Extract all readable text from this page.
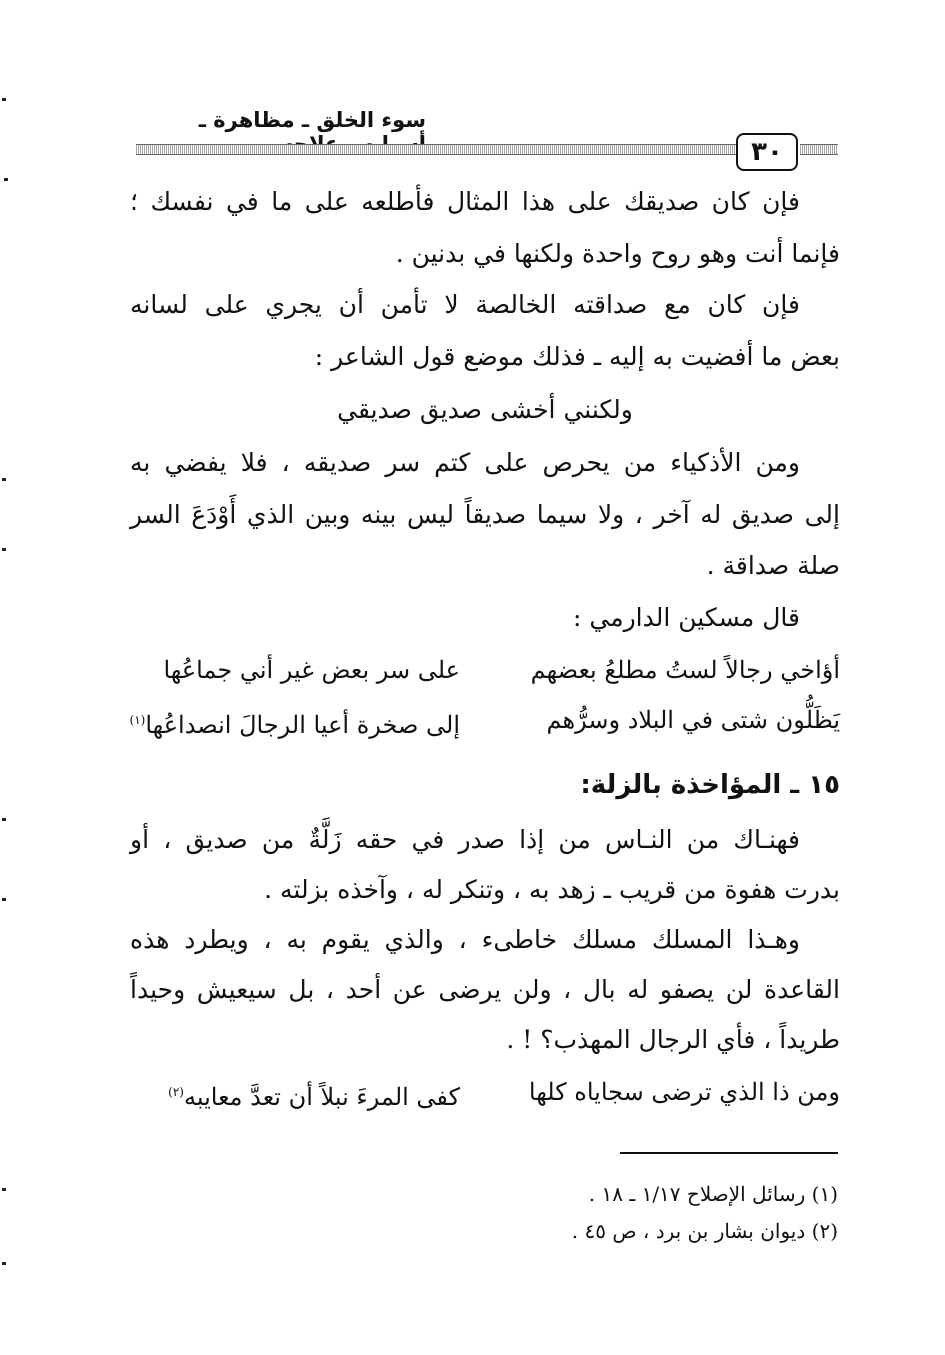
سوء الخلق ـ مظاهرة ـ
٣٠
فإن كان صديقك على هذا المثال فأطلعه على ما في نفسك ؛
فإنما أنت وهو روح واحدة ولكنها في بدنين .
فإن كان مع صداقته الخالصة لا تأمن أن يجري على لسانه
بعض ما أفضيت به إليه ـ فذلك موضع قول الشاعر :
ولكنني أخشى صديق صديقي
ومن الأذكياء من يحرص على كتم سر صديقه ، فلا يفضي به
إلى صديق له آخر ، ولا سيما صديقاً ليس بينه وبين الذي أَوْدَعَ السر
صلة صداقة .
قال مسكين الدارمي :
أؤاخي رجالاً لستُ مطلعُ بعضهم
على سر بعض غير أني جماعُها
يَظَلُّون شتى في البلاد وسرُّهم
إلى صخرة أعيا الرجالَ انصداعُها$^{(١)}$
١٥ ـ المؤاخذة بالزلة:
فهنـاك من النـاس من إذا صدر في حقه زَلَّةٌ من صديق ، أو
بدرت هفوة من قريب ـ زهد به ، وتنكر له ، وآخذه بزلته .
وهـذا المسلك مسلك خاطىء ، والذي يقوم به ، ويطرد هذه
القاعدة لن يصفو له بال ، ولن يرضى عن أحد ، بل سيعيش وحيداً
طريداً ، فأي الرجال المهذب؟ ! .
ومن ذا الذي ترضى سجاياه كلها
كفى المرءَ نبلاً أن تعدَّ معايبه$^{(٢)}$
(١) رسائل الإصلاح ١/١٧ ـ ١٨ .
(٢) ديوان بشار بن برد ، ص ٤٥ .
